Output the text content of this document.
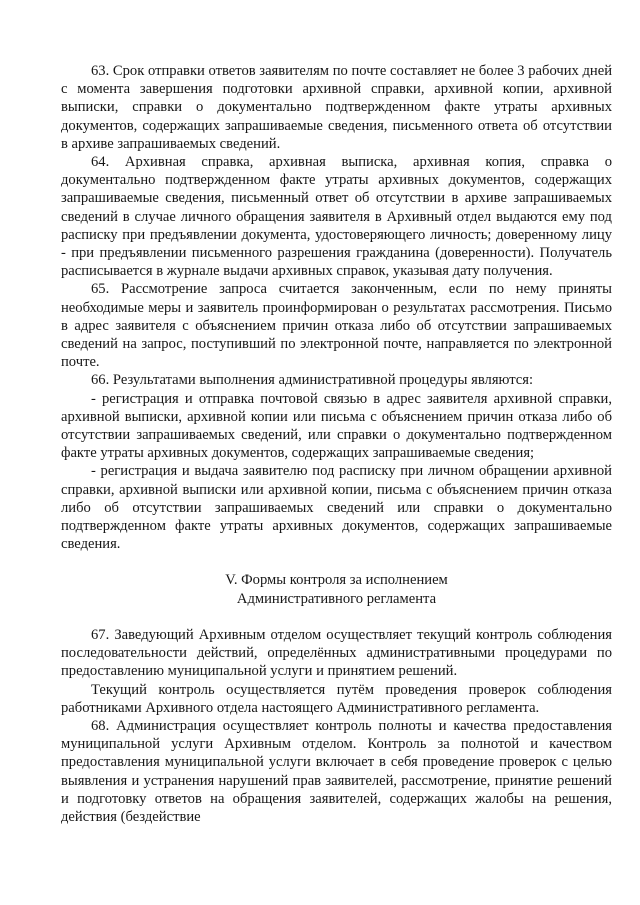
63. Срок отправки ответов заявителям по почте составляет не более 3 рабочих дней с момента завершения подготовки архивной справки, архивной копии, архивной выписки, справки о документально подтвержденном факте утраты архивных документов, содержащих запрашиваемые сведения, письменного ответа об отсутствии в архиве запрашиваемых сведений.

64. Архивная справка, архивная выписка, архивная копия, справка о документально подтвержденном факте утраты архивных документов, содержащих запрашиваемые сведения, письменный ответ об отсутствии в архиве запрашиваемых сведений в случае личного обращения заявителя в Архивный отдел выдаются ему под расписку при предъявлении документа, удостоверяющего личность; доверенному лицу - при предъявлении письменного разрешения гражданина (доверенности). Получатель расписывается в журнале выдачи архивных справок, указывая дату получения.

65. Рассмотрение запроса считается законченным, если по нему приняты необходимые меры и заявитель проинформирован о результатах рассмотрения. Письмо в адрес заявителя с объяснением причин отказа либо об отсутствии запрашиваемых сведений на запрос, поступивший по электронной почте, направляется по электронной почте.

66. Результатами выполнения административной процедуры являются:

- регистрация и отправка почтовой связью в адрес заявителя архивной справки, архивной выписки, архивной копии или письма с объяснением причин отказа либо об отсутствии запрашиваемых сведений, или справки о документально подтвержденном факте утраты архивных документов, содержащих запрашиваемые сведения;

- регистрация и выдача заявителю под расписку при личном обращении архивной справки, архивной выписки или архивной копии, письма с объяснением причин отказа либо об отсутствии запрашиваемых сведений или справки о документально подтвержденном факте утраты архивных документов, содержащих запрашиваемые сведения.

V. Формы контроля за исполнением
Административного регламента

67. Заведующий Архивным отделом осуществляет текущий контроль соблюдения последовательности действий, определённых административными процедурами по предоставлению муниципальной услуги и принятием решений.

Текущий контроль осуществляется путём проведения проверок соблюдения работниками Архивного отдела настоящего Административного регламента.

68. Администрация осуществляет контроль полноты и качества предоставления муниципальной услуги Архивным отделом. Контроль за полнотой и качеством предоставления муниципальной услуги включает в себя проведение проверок с целью выявления и устранения нарушений прав заявителей, рассмотрение, принятие решений и подготовку ответов на обращения заявителей, содержащих жалобы на решения, действия (бездействие
